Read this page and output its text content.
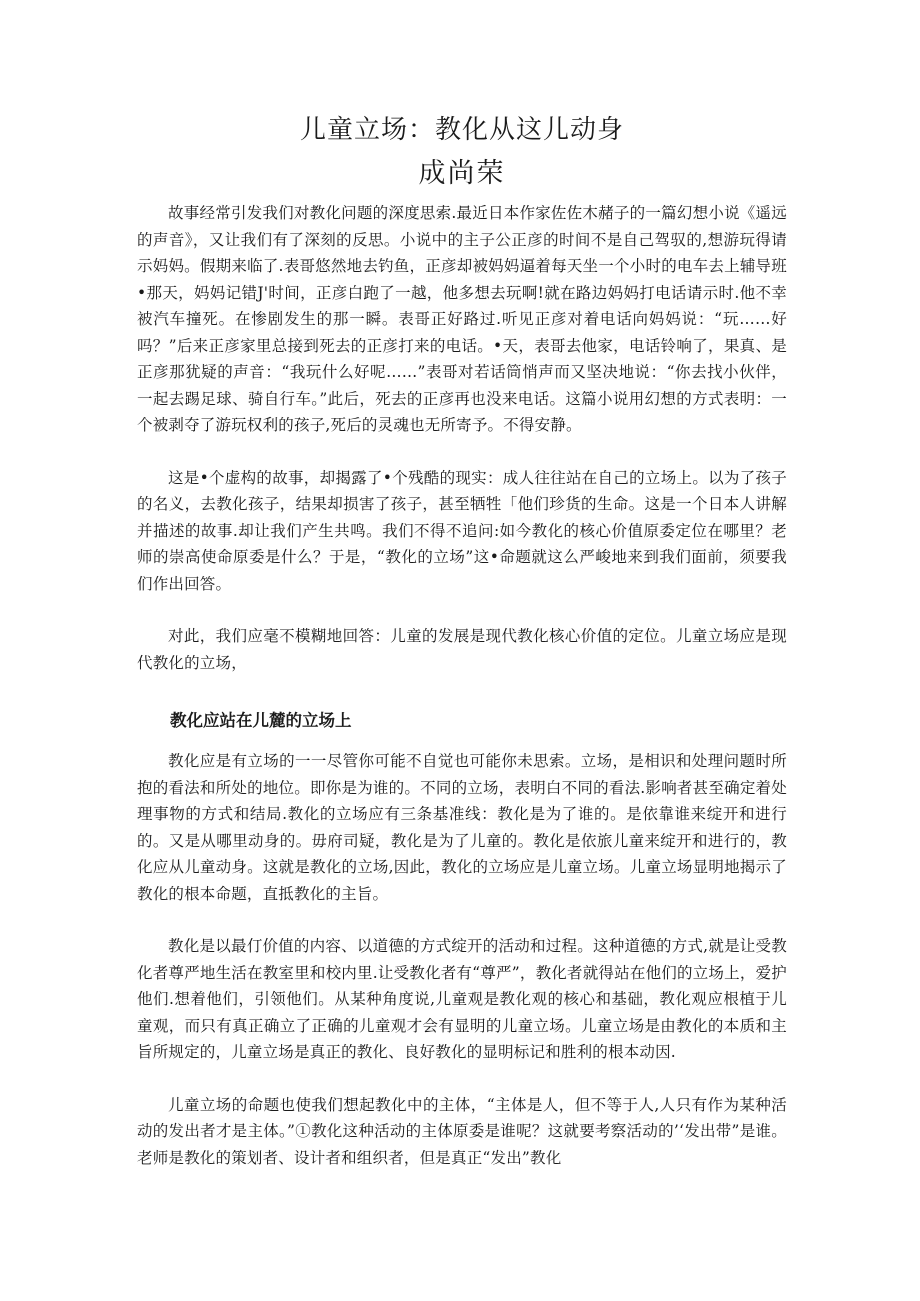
儿童立场：教化从这儿动身
成尚荣

故事经常引发我们对教化问题的深度思索.最近日本作家佐佐木赭子的一篇幻想小说《遥远的声音》，又让我们有了深刻的反思。小说中的主子公正彦的时间不是自己驾驭的,想游玩得请示妈妈。假期来临了.表哥悠然地去钓鱼，正彦却被妈妈逼着每天坐一个小时的电车去上辅导班•那天，妈妈记错J'时间，正彦白跑了一越，他多想去玩啊!就在路边妈妈打电话请示时.他不幸被汽车撞死。在惨剧发生的那一瞬。表哥正好路过.听见正彦对着电话向妈妈说：“玩……好吗？”后来正彦家里总接到死去的正彦打来的电话。•天，表哥去他家，电话铃响了，果真、是正彦那犹疑的声音：“我玩什么好呢……”表哥对若话筒悄声而又坚决地说：“你去找小伙伴，一起去踢足球、骑自行车。”此后，死去的正彦再也没来电话。这篇小说用幻想的方式表明：一个被剥夺了游玩权利的孩子,死后的灵魂也无所寄予。不得安静。

这是•个虚构的故事，却揭露了•个残酷的现实：成人往往站在自己的立场上。以为了孩子的名义，去教化孩子，结果却损害了孩子，甚至牺牲「他们珍货的生命。这是一个日本人讲解并描述的故事.却让我们产生共鸣。我们不得不追问:如今教化的核心价值原委定位在哪里？老师的崇高使命原委是什么？于是，“教化的立场”这•命题就这么严峻地来到我们面前，须要我们作出回答。

对此，我们应毫不模糊地回答：儿童的发展是现代教化核心价值的定位。儿童立场应是现代教化的立场，

教化应站在儿麓的立场上

教化应是有立场的一一尽管你可能不自觉也可能你未思索。立场，是相识和处理问题时所抱的看法和所处的地位。即你是为谁的。不同的立场，表明白不同的看法.影响者甚至确定着处理事物的方式和结局.教化的立场应有三条基准线：教化是为了谁的。是依靠谁来绽开和进行的。又是从哪里动身的。毋府司疑，教化是为了儿童的。教化是依旅儿童来绽开和进行的，教化应从儿童动身。这就是教化的立场,因此，教化的立场应是儿童立场。儿童立场显明地揭示了教化的根本命题，直抵教化的主旨。

教化是以最仃价值的内容、以道德的方式绽开的活动和过程。这种道德的方式,就是让受教化者尊严地生活在教室里和校内里.让受教化者有“尊严”，教化者就得站在他们的立场上，爱护他们.想着他们，引领他们。从某种角度说,儿童观是教化观的核心和基础，教化观应根植于儿童观，而只有真正确立了正确的儿童观才会有显明的儿童立场。儿童立场是由教化的本质和主旨所规定的，儿童立场是真正的教化、良好教化的显明标记和胜利的根本动因.

儿童立场的命题也使我们想起教化中的主体，“主体是人，但不等于人,人只有作为某种活动的发出者才是主体。”①教化这种活动的主体原委是谁呢？这就要考察活动的’‘发出带”是谁。老师是教化的策划者、设计者和组织者，但是真正“发出”教化
